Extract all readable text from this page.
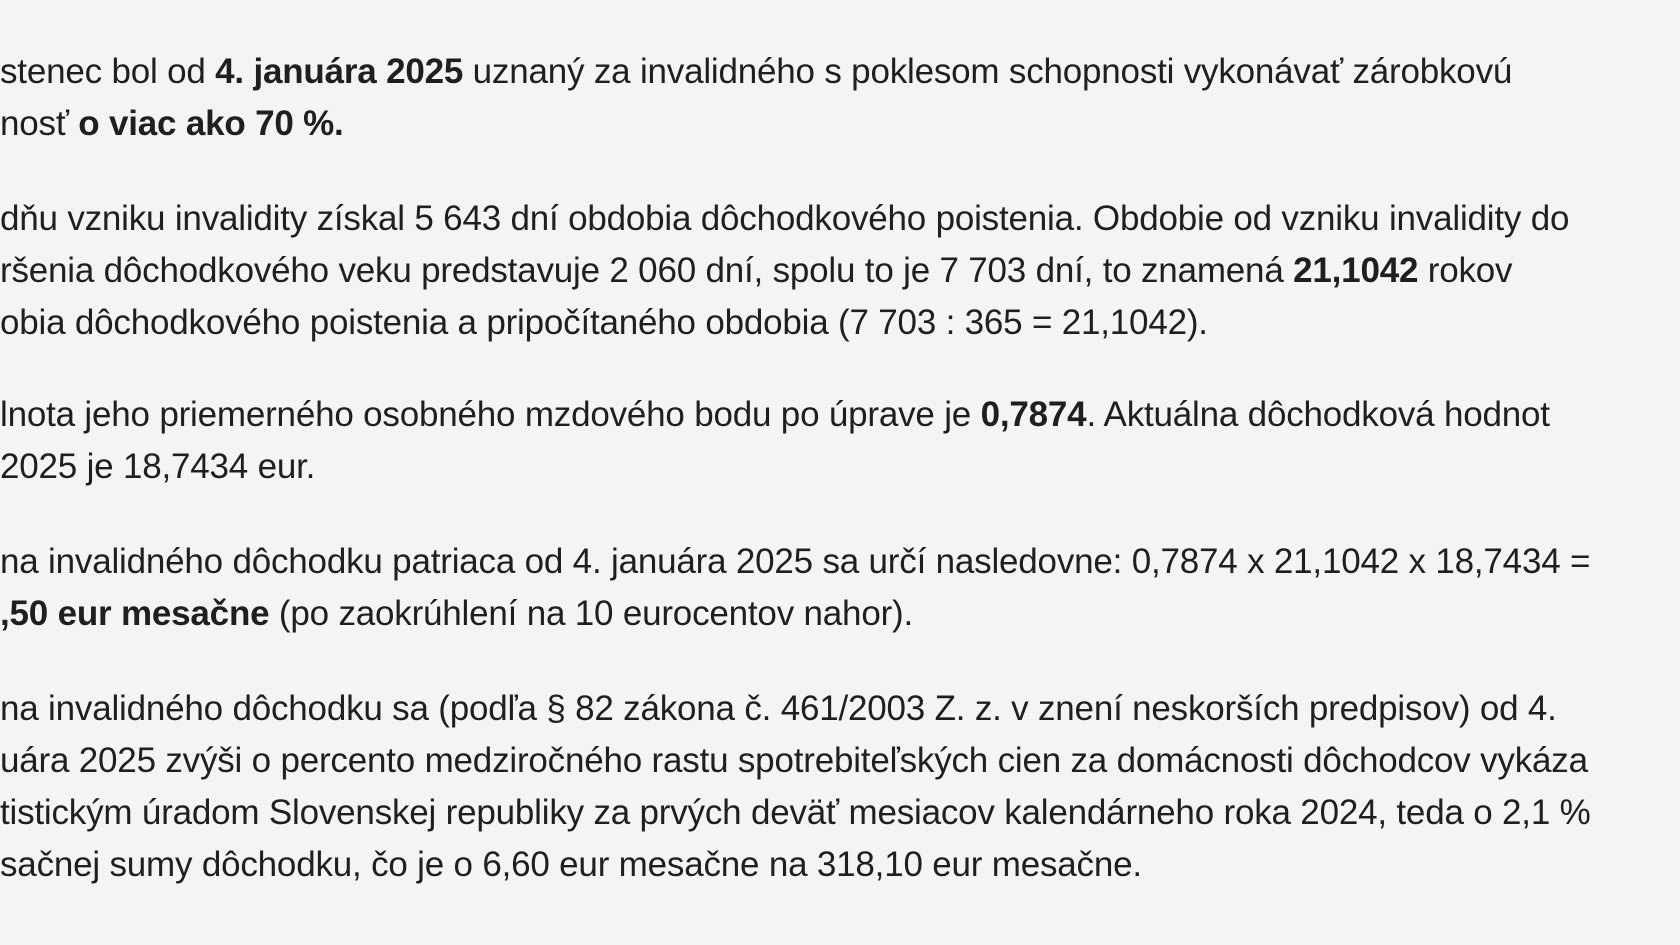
stenec bol od 4. januára 2025 uznaný za invalidného s poklesom schopnosti vykonávať zárobkovú
nosť o viac ako 70 %.

dňu vzniku invalidity získal 5 643 dní obdobia dôchodkového poistenia. Obdobie od vzniku invalidity do
ršenia dôchodkového veku predstavuje 2 060 dní, spolu to je 7 703 dní, to znamená 21,1042 rokov
obia dôchodkového poistenia a pripočítaného obdobia (7 703 : 365 = 21,1042).

lnota jeho priemerného osobného mzdového bodu po úprave je 0,7874. Aktuálna dôchodková hodnot
2025 je 18,7434 eur.

na invalidného dôchodku patriaca od 4. januára 2025 sa určí nasledovne: 0,7874 x 21,1042 x 18,7434 =
,50 eur mesačne (po zaokrúhlení na 10 eurocentov nahor).

na invalidného dôchodku sa (podľa § 82 zákona č. 461/2003 Z. z. v znení neskorších predpisov) od 4.
uára 2025 zvýši o percento medziročného rastu spotrebiteľských cien za domácnosti dôchodcov vykáza
tistickým úradom Slovenskej republiky za prvých deväť mesiacov kalendárneho roka 2024, teda o 2,1 %
sačnej sumy dôchodku, čo je o 6,60 eur mesačne na 318,10 eur mesačne.
